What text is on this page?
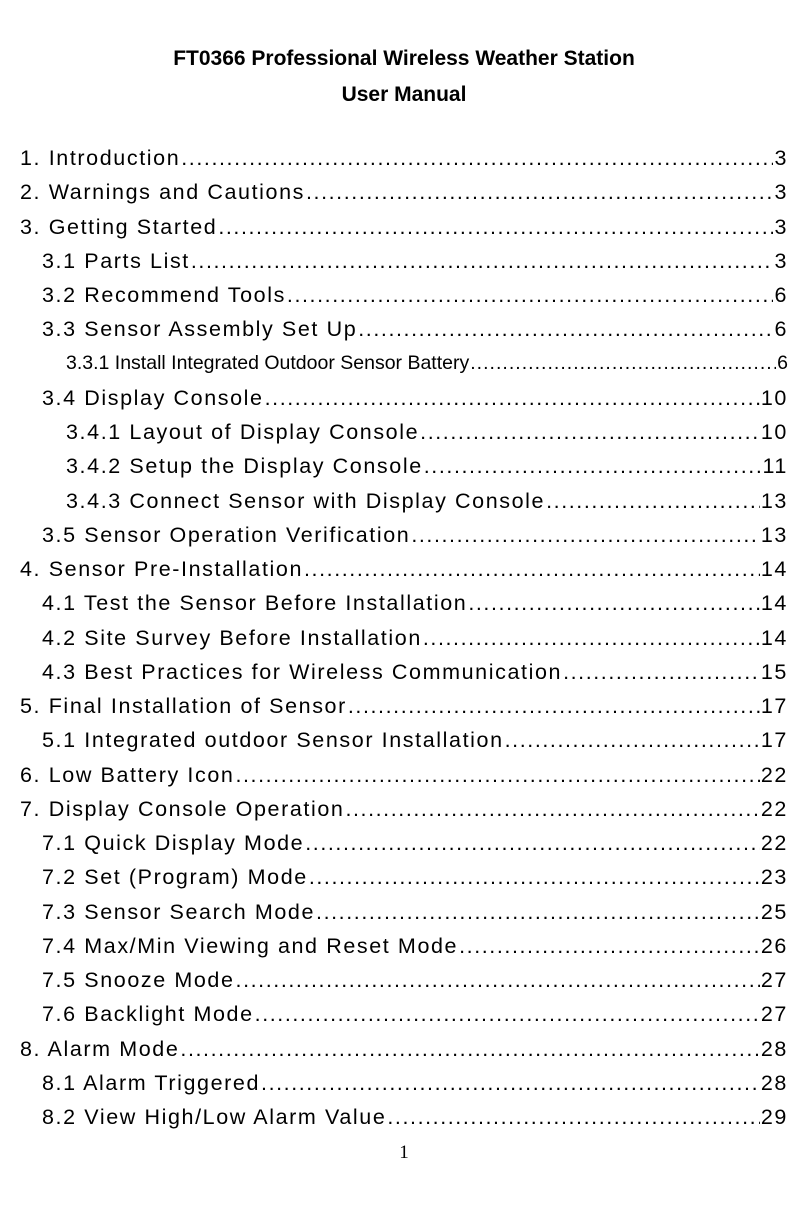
FT0366 Professional Wireless Weather Station
User Manual
1. Introduction . . .	3
2. Warnings and Cautions . . .	3
3. Getting Started . . .	3
3.1 Parts List . . .	3
3.2 Recommend Tools . . .	6
3.3 Sensor Assembly Set Up . . .	6
3.3.1 Install Integrated Outdoor Sensor Battery . . .	6
3.4 Display Console . . .	10
3.4.1 Layout of Display Console . . .	10
3.4.2 Setup the Display Console . . .	11
3.4.3 Connect Sensor with Display Console . . .	13
3.5 Sensor Operation Verification . . .	13
4. Sensor Pre-Installation . . .	14
4.1 Test the Sensor Before Installation . . .	14
4.2 Site Survey Before Installation . . .	14
4.3 Best Practices for Wireless Communication . . .	15
5. Final Installation of Sensor . . .	17
5.1 Integrated outdoor Sensor Installation . . .	17
6. Low Battery Icon . . .	22
7. Display Console Operation . . .	22
7.1 Quick Display Mode . . .	22
7.2 Set (Program) Mode . . .	23
7.3 Sensor Search Mode . . .	25
7.4 Max/Min Viewing and Reset Mode . . .	26
7.5 Snooze Mode . . .	27
7.6 Backlight Mode . . .	27
8. Alarm Mode . . .	28
8.1 Alarm Triggered . . .	28
8.2 View High/Low Alarm Value . . .	29

1
